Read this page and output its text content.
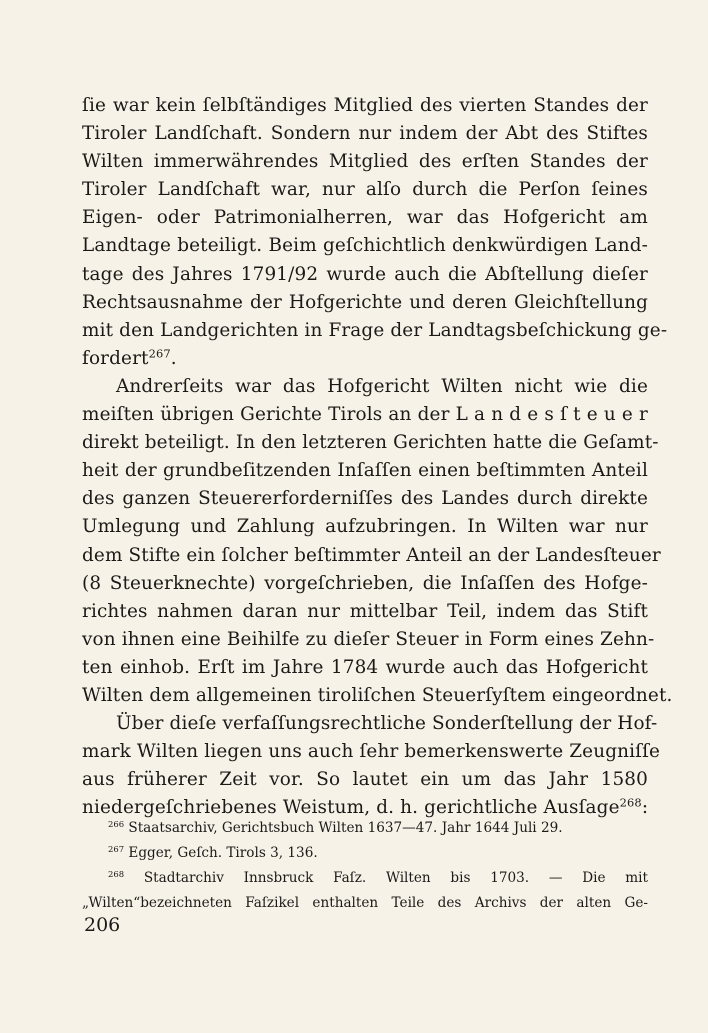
ſie war kein ſelbſtändiges Mitglied des vierten Standes der
Tiroler Landſchaft. Sondern nur indem der Abt des Stiftes
Wilten immerwährendes Mitglied des erſten Standes der
Tiroler Landſchaft war, nur alſo durch die Perſon ſeines
Eigen- oder Patrimonialherren, war das Hofgericht am
Landtage beteiligt. Beim geſchichtlich denkwürdigen Land-
tage des Jahres 1791/92 wurde auch die Abſtellung dieſer
Rechtsausnahme der Hofgerichte und deren Gleichſtellung
mit den Landgerichten in Frage der Landtagsbeſchickung ge-
fordert$^{267}$.
Andrerſeits war das Hofgericht Wilten nicht wie die
meiſten übrigen Gerichte Tirols an der L a n d e s ſ t e u e r
direkt beteiligt. In den letzteren Gerichten hatte die Geſamt-
heit der grundbeſitzenden Inſaſſen einen beſtimmten Anteil
des ganzen Steuererforderniſſes des Landes durch direkte
Umlegung und Zahlung aufzubringen. In Wilten war nur
dem Stifte ein ſolcher beſtimmter Anteil an der Landesſteuer
(8 Steuerknechte) vorgeſchrieben, die Inſaſſen des Hofge-
richtes nahmen daran nur mittelbar Teil, indem das Stift
von ihnen eine Beihilfe zu dieſer Steuer in Form eines Zehn-
ten einhob. Erſt im Jahre 1784 wurde auch das Hofgericht
Wilten dem allgemeinen tiroliſchen Steuerſyſtem eingeordnet.
Über dieſe verfaſſungsrechtliche Sonderſtellung der Hof-
mark Wilten liegen uns auch ſehr bemerkenswerte Zeugniſſe
aus früherer Zeit vor. So lautet ein um das Jahr 1580
niedergeſchriebenes Weistum, d. h. gerichtliche Ausſage$^{268}$:
$^{266}$ Staatsarchiv, Gerichtsbuch Wilten 1637—47. Jahr 1644 Juli 29.
$^{267}$ Egger, Geſch. Tirols 3, 136.
$^{268}$ Stadtarchiv Innsbruck Faſz. Wilten bis 1703. — Die mit
„Wilten“bezeichneten Faſzikel enthalten Teile des Archivs der alten Ge-
206
